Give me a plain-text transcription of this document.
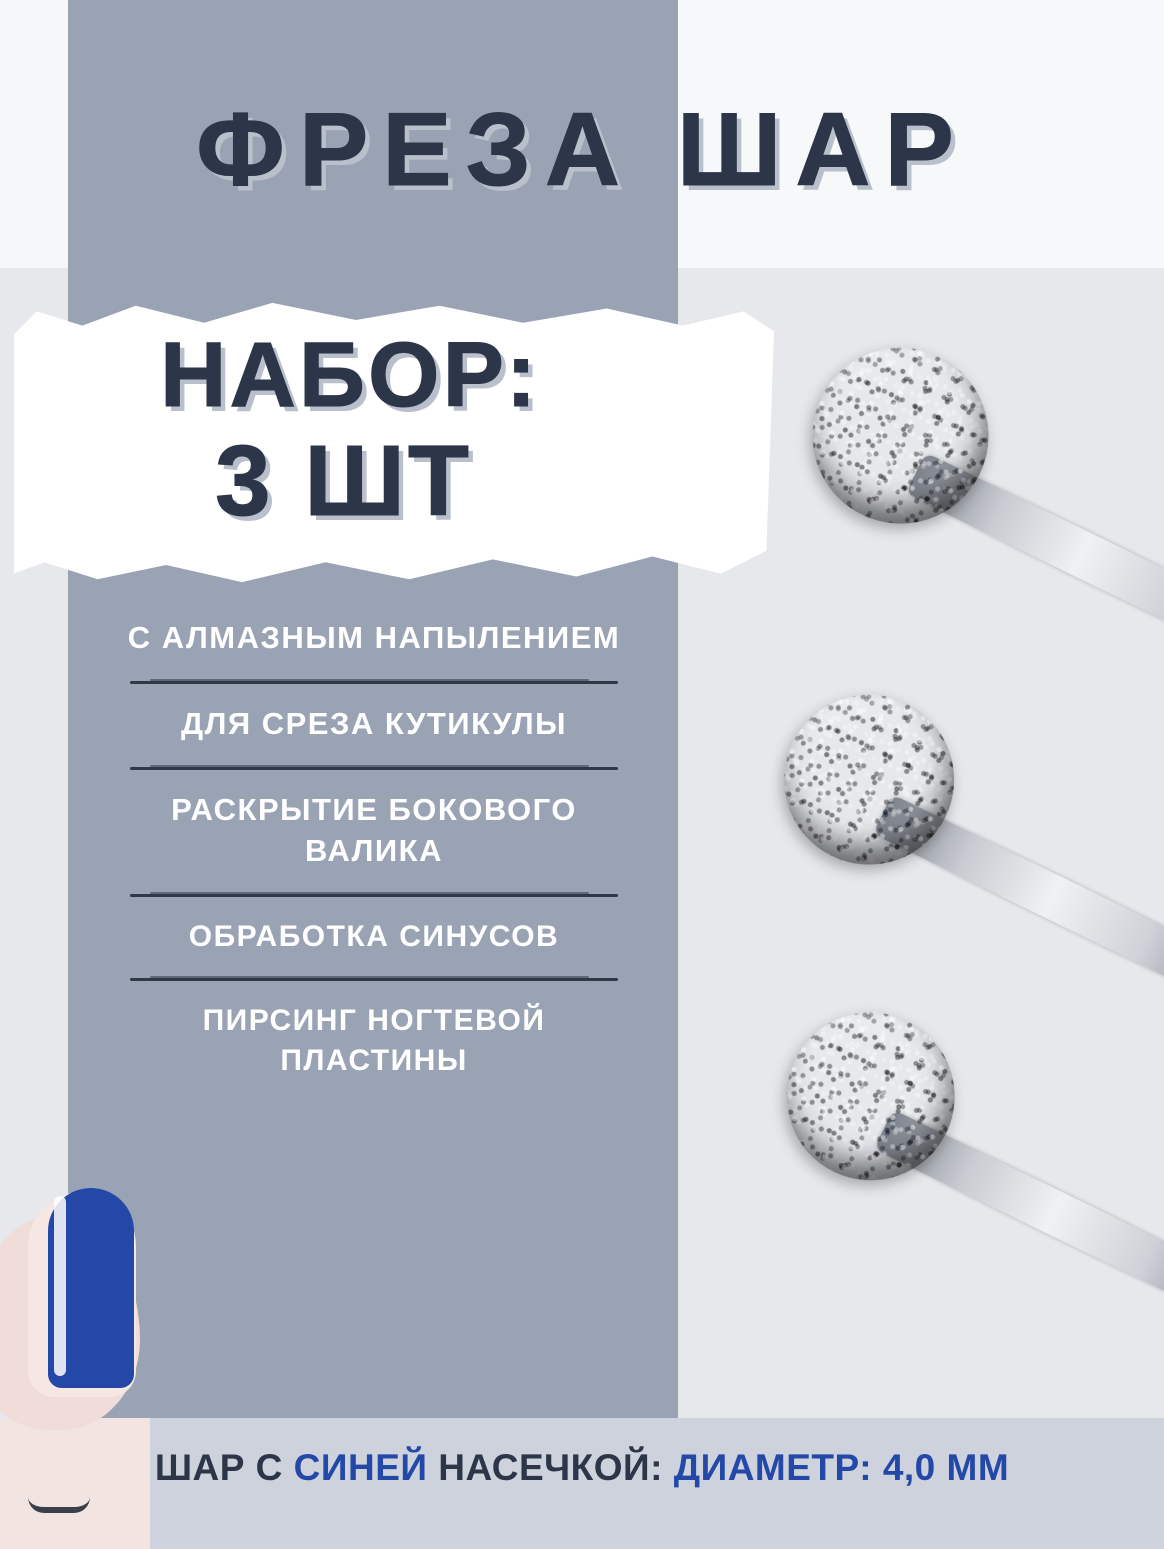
ФРЕЗА ШАР
НАБОР:
3 ШТ
С АЛМАЗНЫМ НАПЫЛЕНИЕМ
ДЛЯ СРЕЗА КУТИКУЛЫ
РАСКРЫТИЕ БОКОВОГО ВАЛИКА
ОБРАБОТКА СИНУСОВ
ПИРСИНГ НОГТЕВОЙ ПЛАСТИНЫ
ШАР С СИНЕЙ НАСЕЧКОЙ: ДИАМЕТР: 4,0 ММ
